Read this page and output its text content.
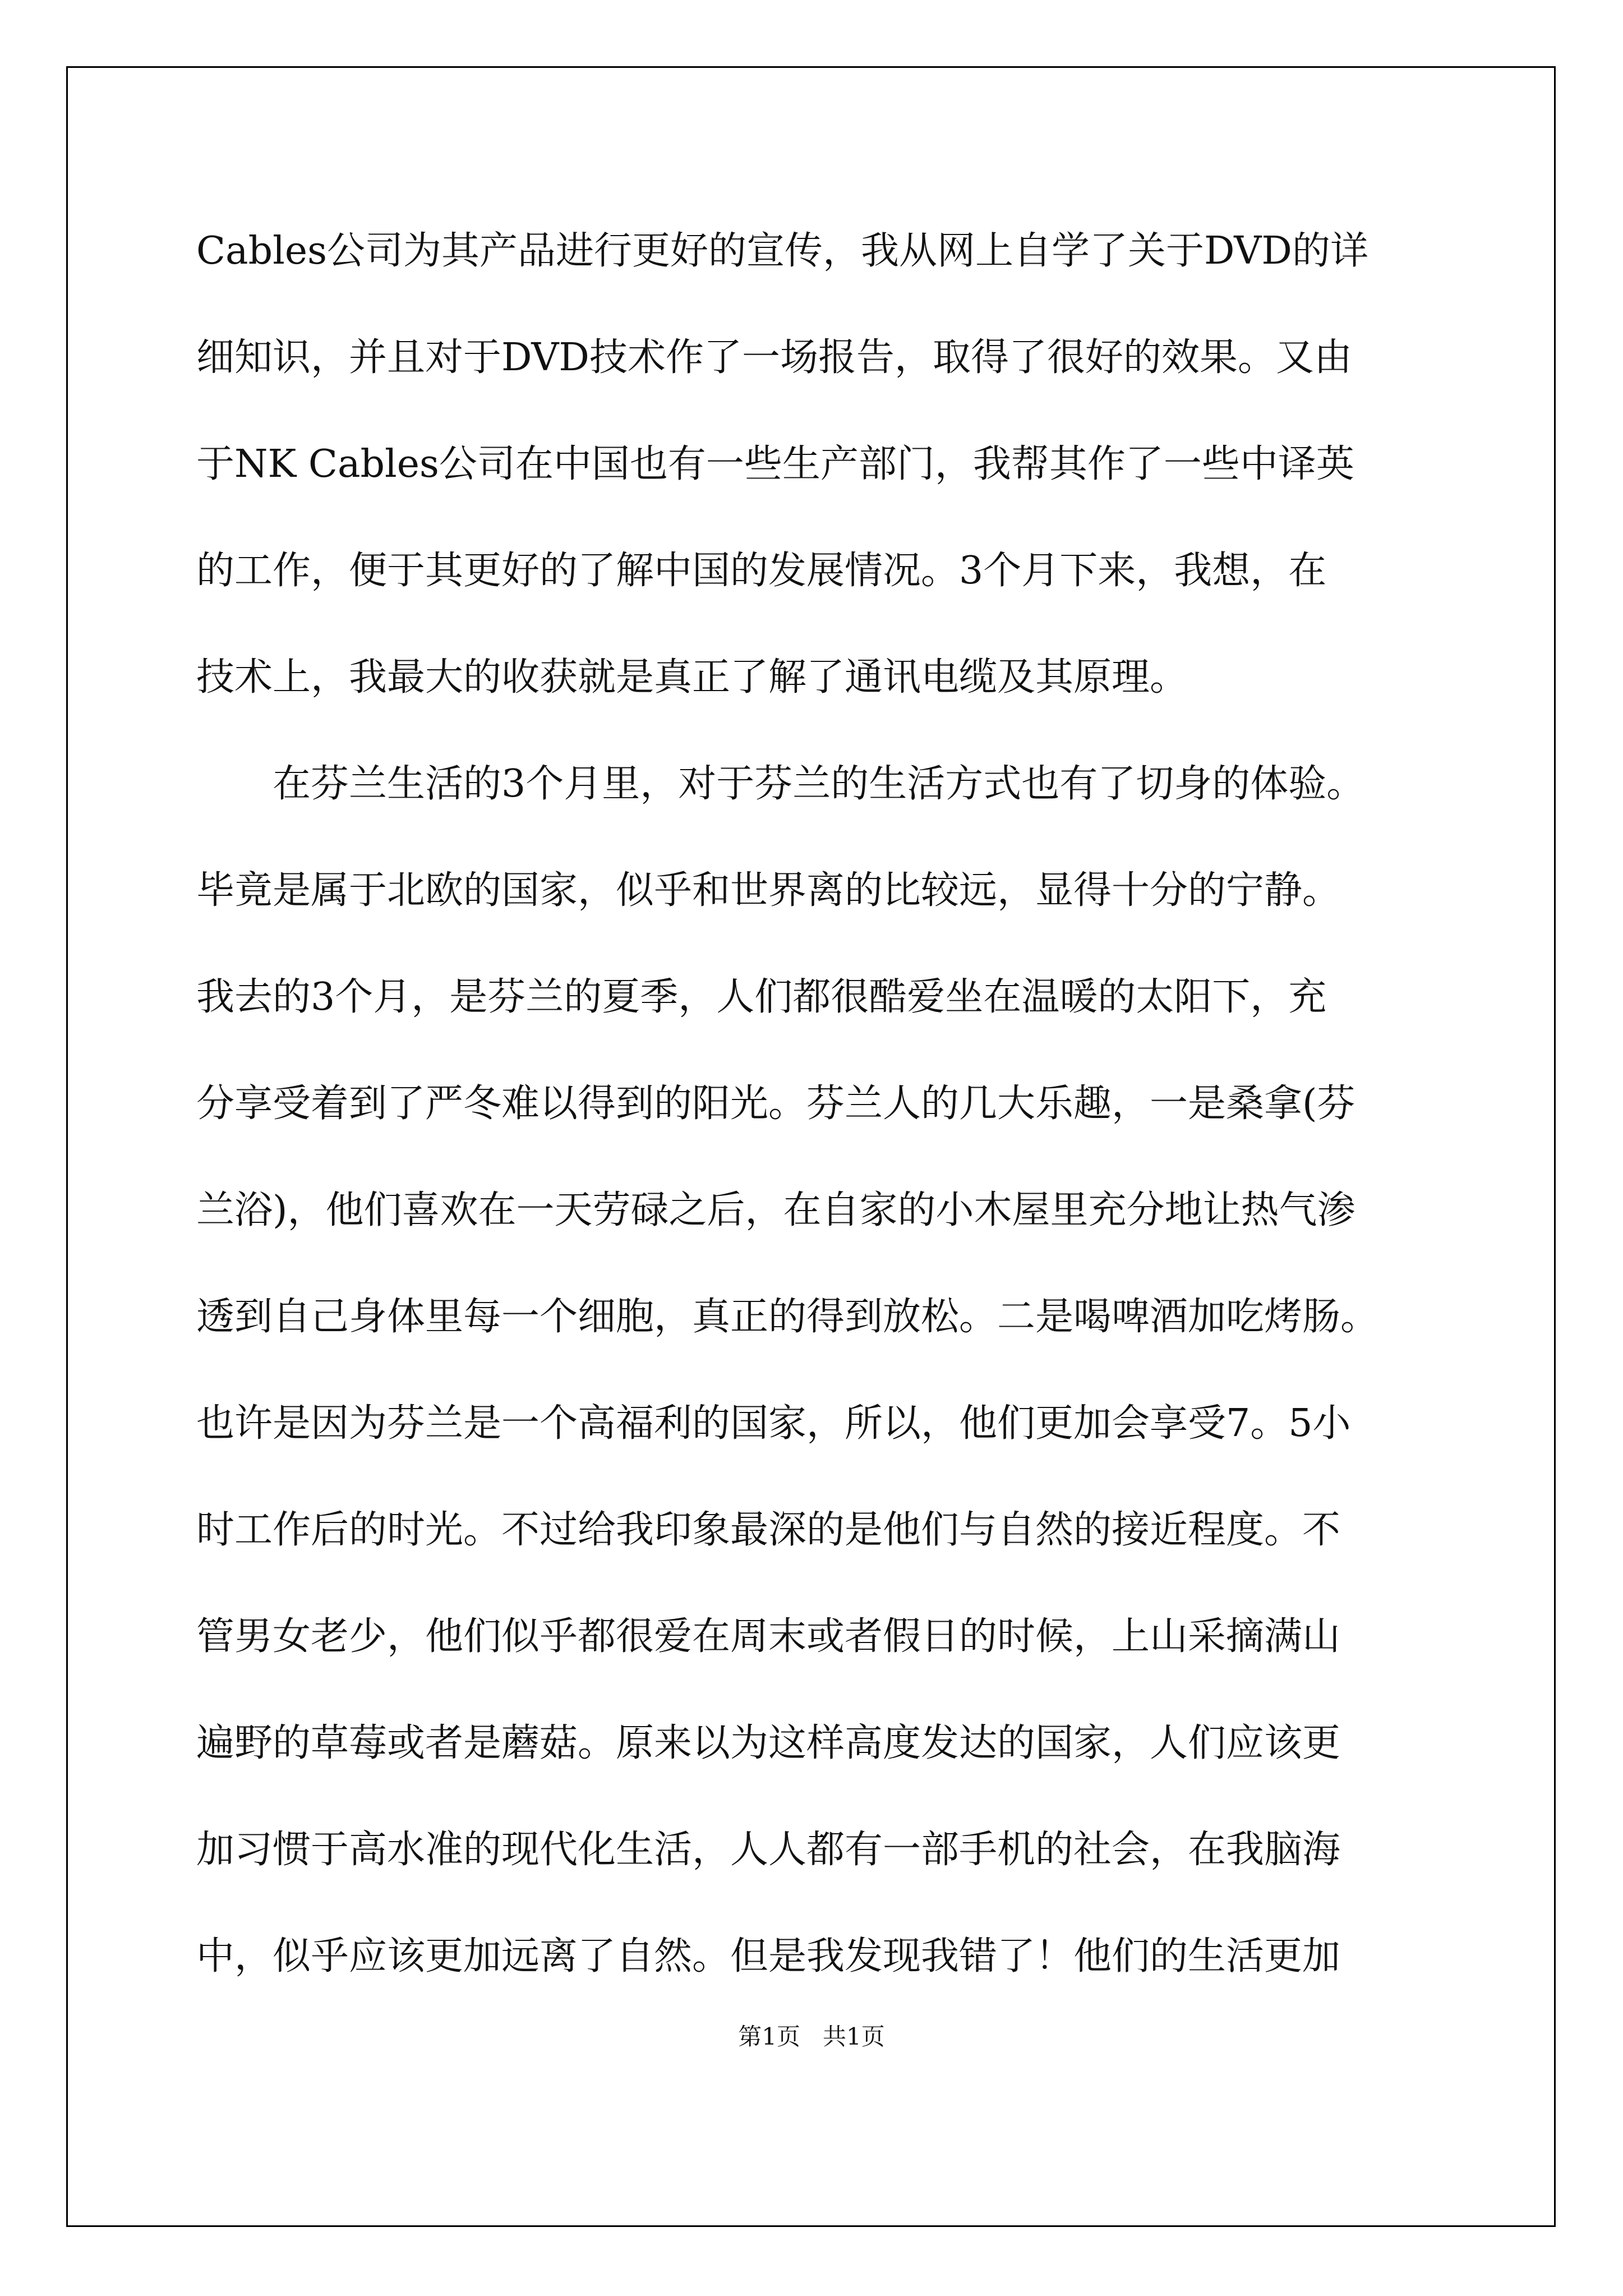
Cables公司为其产品进行更好的宣传，我从网上自学了关于DVD的详
细知识，并且对于DVD技术作了一场报告，取得了很好的效果。又由
于NK Cables公司在中国也有一些生产部门，我帮其作了一些中译英
的工作，便于其更好的了解中国的发展情况。3个月下来，我想，在
技术上，我最大的收获就是真正了解了通讯电缆及其原理。
在芬兰生活的3个月里，对于芬兰的生活方式也有了切身的体验。
毕竟是属于北欧的国家，似乎和世界离的比较远，显得十分的宁静。
我去的3个月，是芬兰的夏季，人们都很酷爱坐在温暖的太阳下，充
分享受着到了严冬难以得到的阳光。芬兰人的几大乐趣，一是桑拿(芬
兰浴)，他们喜欢在一天劳碌之后，在自家的小木屋里充分地让热气渗
透到自己身体里每一个细胞，真正的得到放松。二是喝啤酒加吃烤肠。
也许是因为芬兰是一个高福利的国家，所以，他们更加会享受7。5小
时工作后的时光。不过给我印象最深的是他们与自然的接近程度。不
管男女老少，他们似乎都很爱在周末或者假日的时候，上山采摘满山
遍野的草莓或者是蘑菇。原来以为这样高度发达的国家，人们应该更
加习惯于高水准的现代化生活，人人都有一部手机的社会，在我脑海
中，似乎应该更加远离了自然。但是我发现我错了！他们的生活更加
第1页   共1页
